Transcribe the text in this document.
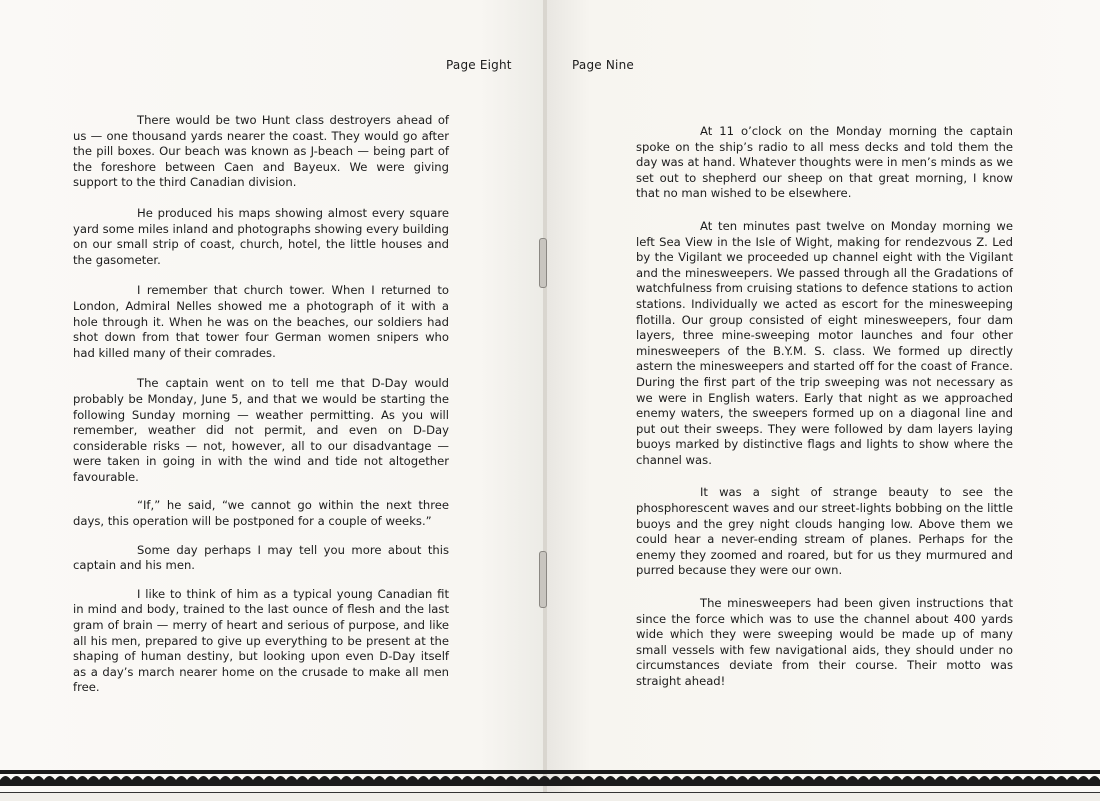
Page Eight	Page Nine

There would be two Hunt class destroyers ahead of us — one thousand yards nearer the coast. They would go after the pill boxes. Our beach was known as J-beach — being part of the foreshore between Caen and Bayeux. We were giving support to the third Canadian division.

He produced his maps showing almost every square yard some miles inland and photographs showing every building on our small strip of coast, church, hotel, the little houses and the gasometer.

I remember that church tower. When I returned to London, Admiral Nelles showed me a photograph of it with a hole through it. When he was on the beaches, our soldiers had shot down from that tower four German women snipers who had killed many of their comrades.

The captain went on to tell me that D-Day would probably be Monday, June 5, and that we would be starting the following Sunday morning — weather permitting. As you will remember, weather did not permit, and even on D-Day considerable risks — not, however, all to our disadvantage — were taken in going in with the wind and tide not altogether favourable.

“If,” he said, “we cannot go within the next three days, this operation will be postponed for a couple of weeks.”

Some day perhaps I may tell you more about this captain and his men.

I like to think of him as a typical young Canadian fit in mind and body, trained to the last ounce of flesh and the last gram of brain — merry of heart and serious of purpose, and like all his men, prepared to give up everything to be present at the shaping of human destiny, but looking upon even D-Day itself as a day’s march nearer home on the crusade to make all men free.

At 11 o’clock on the Monday morning the captain spoke on the ship’s radio to all mess decks and told them the day was at hand. Whatever thoughts were in men’s minds as we set out to shepherd our sheep on that great morning, I know that no man wished to be elsewhere.

At ten minutes past twelve on Monday morning we left Sea View in the Isle of Wight, making for rendezvous Z. Led by the Vigilant we proceeded up channel eight with the Vigilant and the minesweepers. We passed through all the Gradations of watchfulness from cruising stations to defence stations to action stations. Individually we acted as escort for the minesweeping flotilla. Our group consisted of eight minesweepers, four dam layers, three mine-sweeping motor launches and four other minesweepers of the B.Y.M. S. class. We formed up directly astern the minesweepers and started off for the coast of France. During the first part of the trip sweeping was not necessary as we were in English waters. Early that night as we approached enemy waters, the sweepers formed up on a diagonal line and put out their sweeps. They were followed by dam layers laying buoys marked by distinctive flags and lights to show where the channel was.

It was a sight of strange beauty to see the phosphorescent waves and our street-lights bobbing on the little buoys and the grey night clouds hanging low. Above them we could hear a never-ending stream of planes. Perhaps for the enemy they zoomed and roared, but for us they murmured and purred because they were our own.

The minesweepers had been given instructions that since the force which was to use the channel about 400 yards wide which they were sweeping would be made up of many small vessels with few navigational aids, they should under no circumstances deviate from their course. Their motto was straight ahead!
